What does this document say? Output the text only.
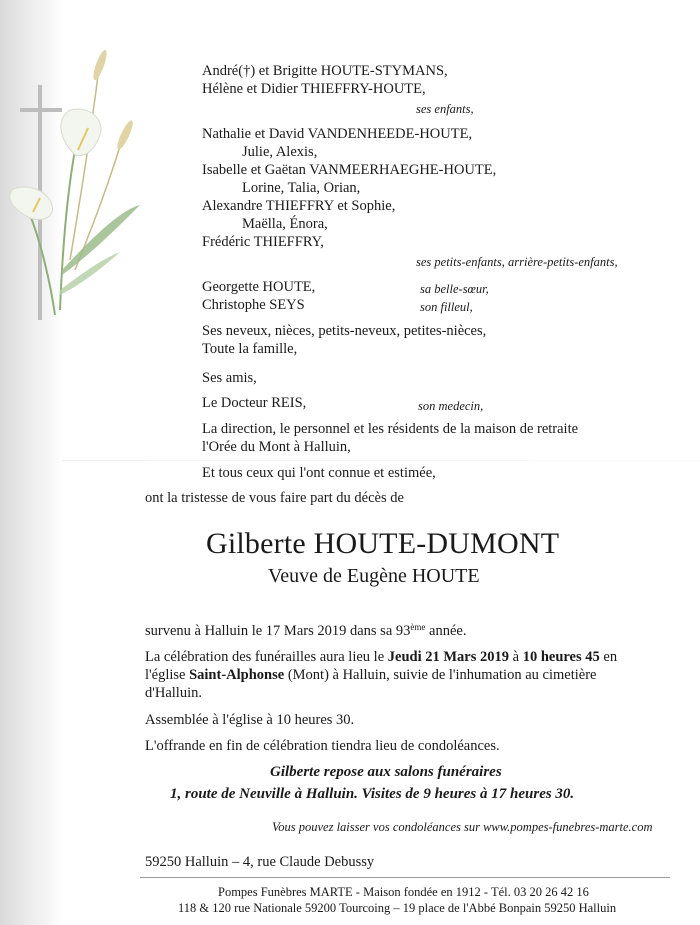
André(†) et Brigitte HOUTE-STYMANS,
Hélène et Didier THIEFFRY-HOUTE,
ses enfants,
Nathalie et David VANDENHEEDE-HOUTE,
Julie, Alexis,
Isabelle et Gaëtan VANMEERHAEGHE-HOUTE,
Lorine, Talia, Orian,
Alexandre THIEFFRY et Sophie,
Maëlla, Énora,
Frédéric THIEFFRY,
ses petits-enfants, arrière-petits-enfants,
Georgette HOUTE,	sa belle-sœur,
Christophe SEYS	son filleul,
Ses neveux, nièces, petits-neveux, petites-nièces,
Toute la famille,
Ses amis,
Le Docteur REIS,	son medecin,
La direction, le personnel et les résidents de la maison de retraite
l'Orée du Mont à Halluin,
Et tous ceux qui l'ont connue et estimée,
ont la tristesse de vous faire part du décès de
Gilberte HOUTE-DUMONT
Veuve de Eugène HOUTE
survenu à Halluin le 17 Mars 2019 dans sa 93ème année.
La célébration des funérailles aura lieu le Jeudi 21 Mars 2019 à 10 heures 45 en
l'église Saint-Alphonse (Mont) à Halluin, suivie de l'inhumation au cimetière
d'Halluin.
Assemblée à l'église à 10 heures 30.
L'offrande en fin de célébration tiendra lieu de condoléances.
Gilberte repose aux salons funéraires
1, route de Neuville à Halluin. Visites de 9 heures à 17 heures 30.
Vous pouvez laisser vos condoléances sur www.pompes-funebres-marte.com
59250 Halluin – 4, rue Claude Debussy
Pompes Funèbres MARTE - Maison fondée en 1912 - Tél. 03 20 26 42 16
118 & 120 rue Nationale 59200 Tourcoing – 19 place de l'Abbé Bonpain 59250 Halluin
